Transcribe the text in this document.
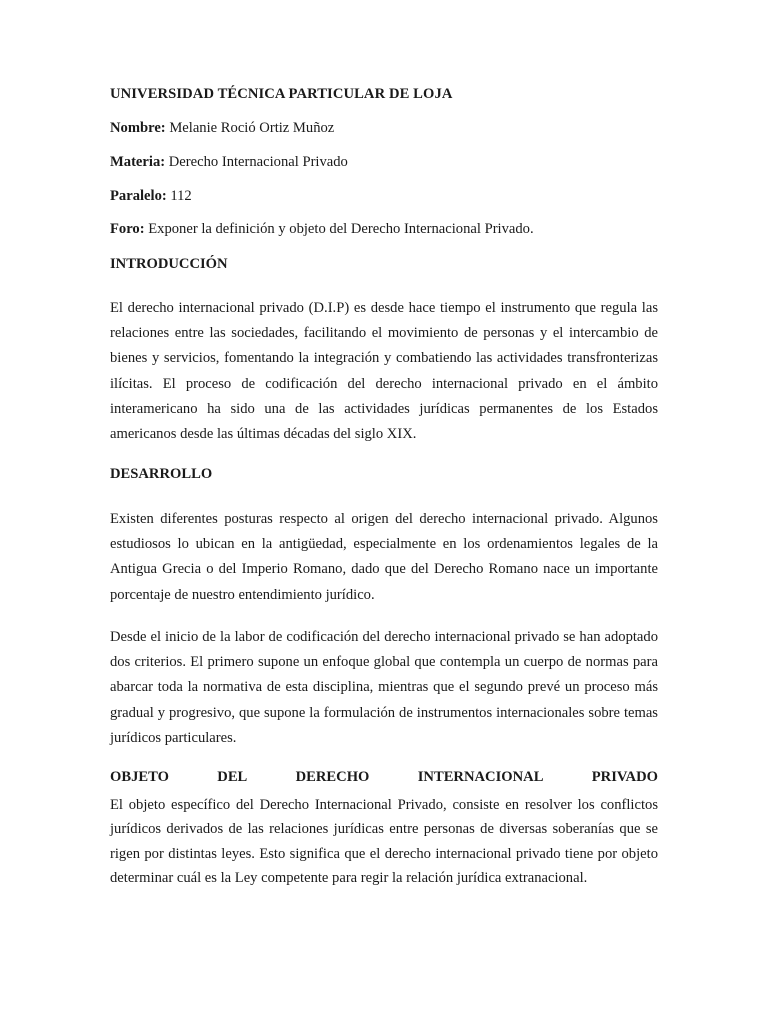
UNIVERSIDAD TÉCNICA PARTICULAR DE LOJA
Nombre: Melanie Roció Ortiz Muñoz
Materia: Derecho Internacional Privado
Paralelo: 112
Foro: Exponer la definición y objeto del Derecho Internacional Privado.
INTRODUCCIÓN

El derecho internacional privado (D.I.P) es desde hace tiempo el instrumento que regula las relaciones entre las sociedades, facilitando el movimiento de personas y el intercambio de bienes y servicios, fomentando la integración y combatiendo las actividades transfronterizas ilícitas. El proceso de codificación del derecho internacional privado en el ámbito interamericano ha sido una de las actividades jurídicas permanentes de los Estados americanos desde las últimas décadas del siglo XIX.

DESARROLLO

Existen diferentes posturas respecto al origen del derecho internacional privado. Algunos estudiosos lo ubican en la antigüedad, especialmente en los ordenamientos legales de la Antigua Grecia o del Imperio Romano, dado que del Derecho Romano nace un importante porcentaje de nuestro entendimiento jurídico.

Desde el inicio de la labor de codificación del derecho internacional privado se han adoptado dos criterios. El primero supone un enfoque global que contempla un cuerpo de normas para abarcar toda la normativa de esta disciplina, mientras que el segundo prevé un proceso más gradual y progresivo, que supone la formulación de instrumentos internacionales sobre temas jurídicos particulares.

OBJETO	DEL	DERECHO	INTERNACIONAL	PRIVADO

El objeto específico del Derecho Internacional Privado, consiste en resolver los conflictos jurídicos derivados de las relaciones jurídicas entre personas de diversas soberanías que se rigen por distintas leyes. Esto significa que el derecho internacional privado tiene por objeto determinar cuál es la Ley competente para regir la relación jurídica extranacional.
